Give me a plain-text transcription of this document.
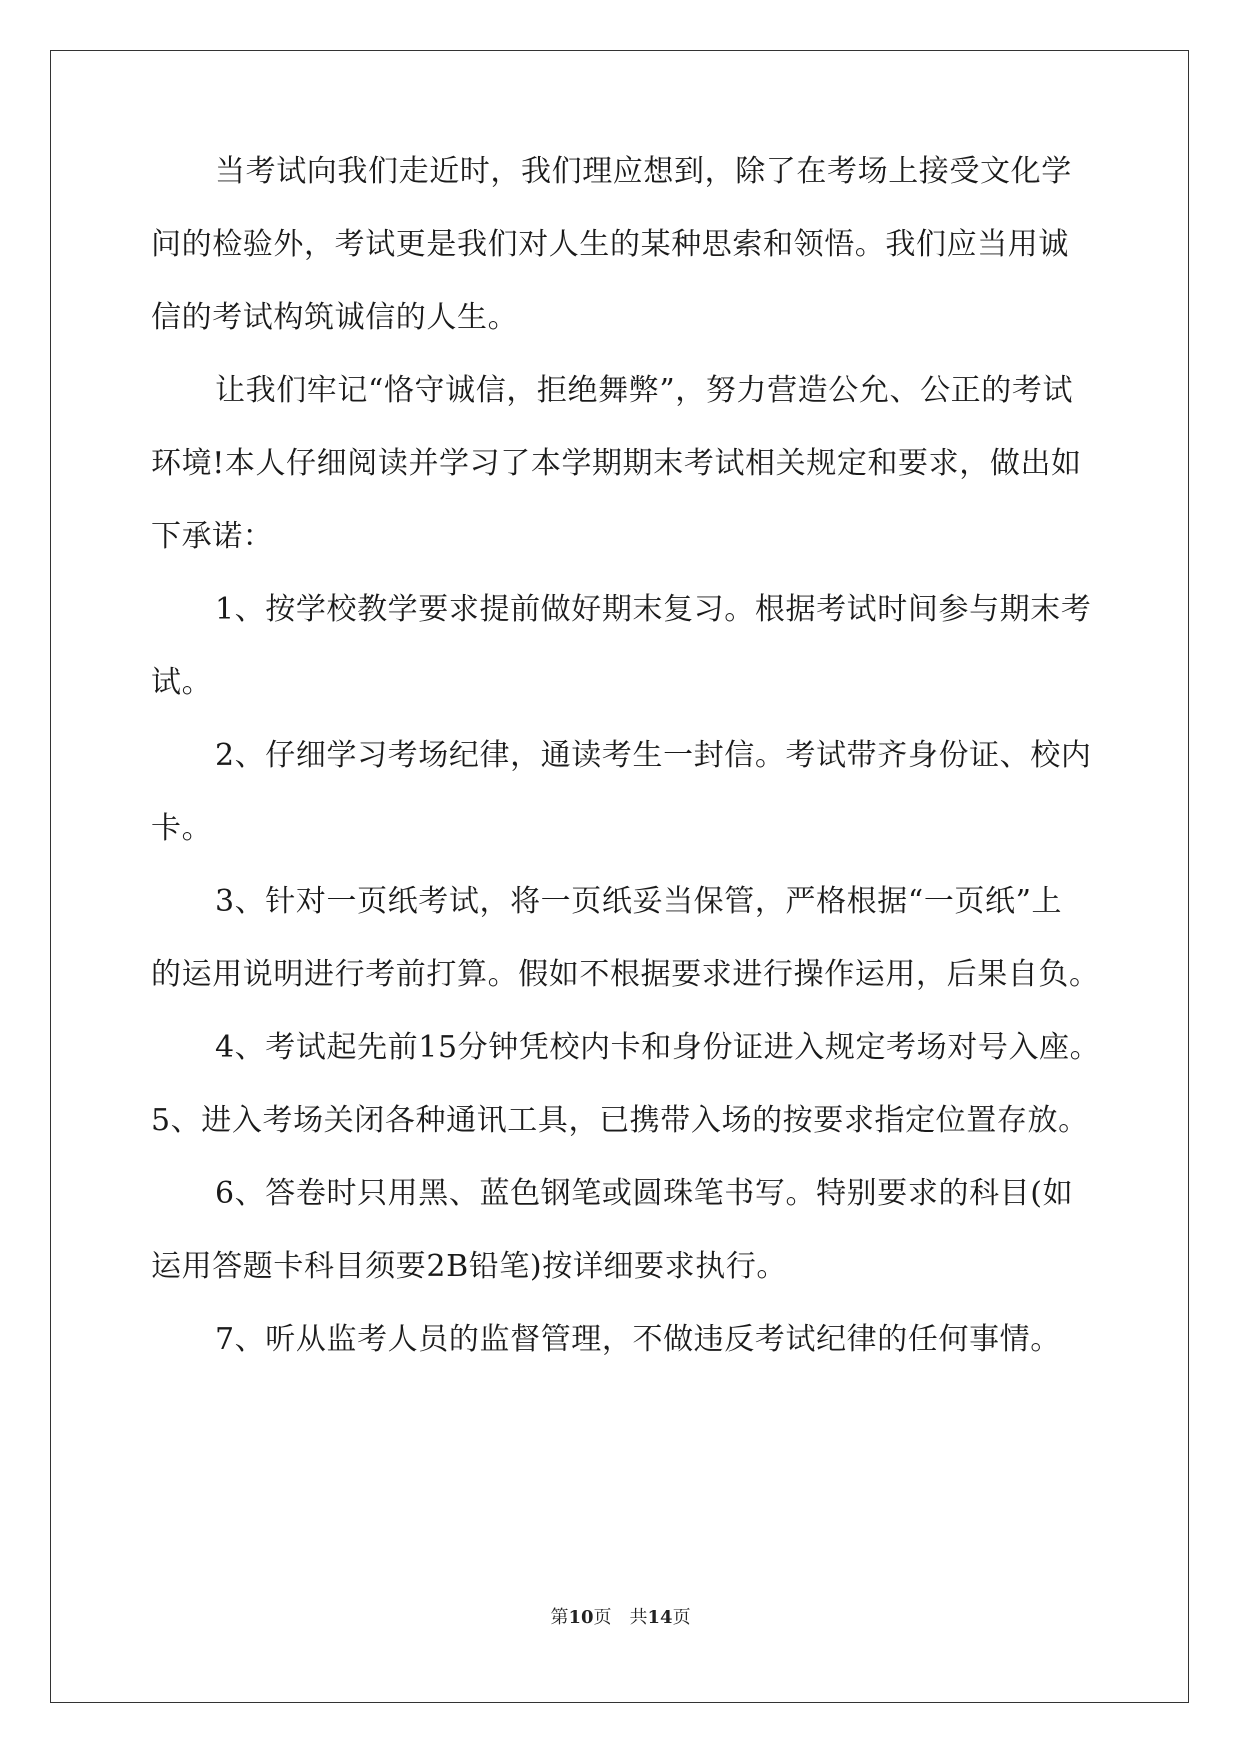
当考试向我们走近时，我们理应想到，除了在考场上接受文化学
问的检验外，考试更是我们对人生的某种思索和领悟。我们应当用诚
信的考试构筑诚信的人生。
让我们牢记“恪守诚信，拒绝舞弊”，努力营造公允、公正的考试
环境!本人仔细阅读并学习了本学期期末考试相关规定和要求，做出如
下承诺：
1、按学校教学要求提前做好期末复习。根据考试时间参与期末考
试。
2、仔细学习考场纪律，通读考生一封信。考试带齐身份证、校内
卡。
3、针对一页纸考试，将一页纸妥当保管，严格根据“一页纸”上
的运用说明进行考前打算。假如不根据要求进行操作运用，后果自负。
4、考试起先前15分钟凭校内卡和身份证进入规定考场对号入座。
5、进入考场关闭各种通讯工具，已携带入场的按要求指定位置存放。
6、答卷时只用黑、蓝色钢笔或圆珠笔书写。特别要求的科目(如
运用答题卡科目须要2B铅笔)按详细要求执行。
7、听从监考人员的监督管理，不做违反考试纪律的任何事情。
第10页　共14页
